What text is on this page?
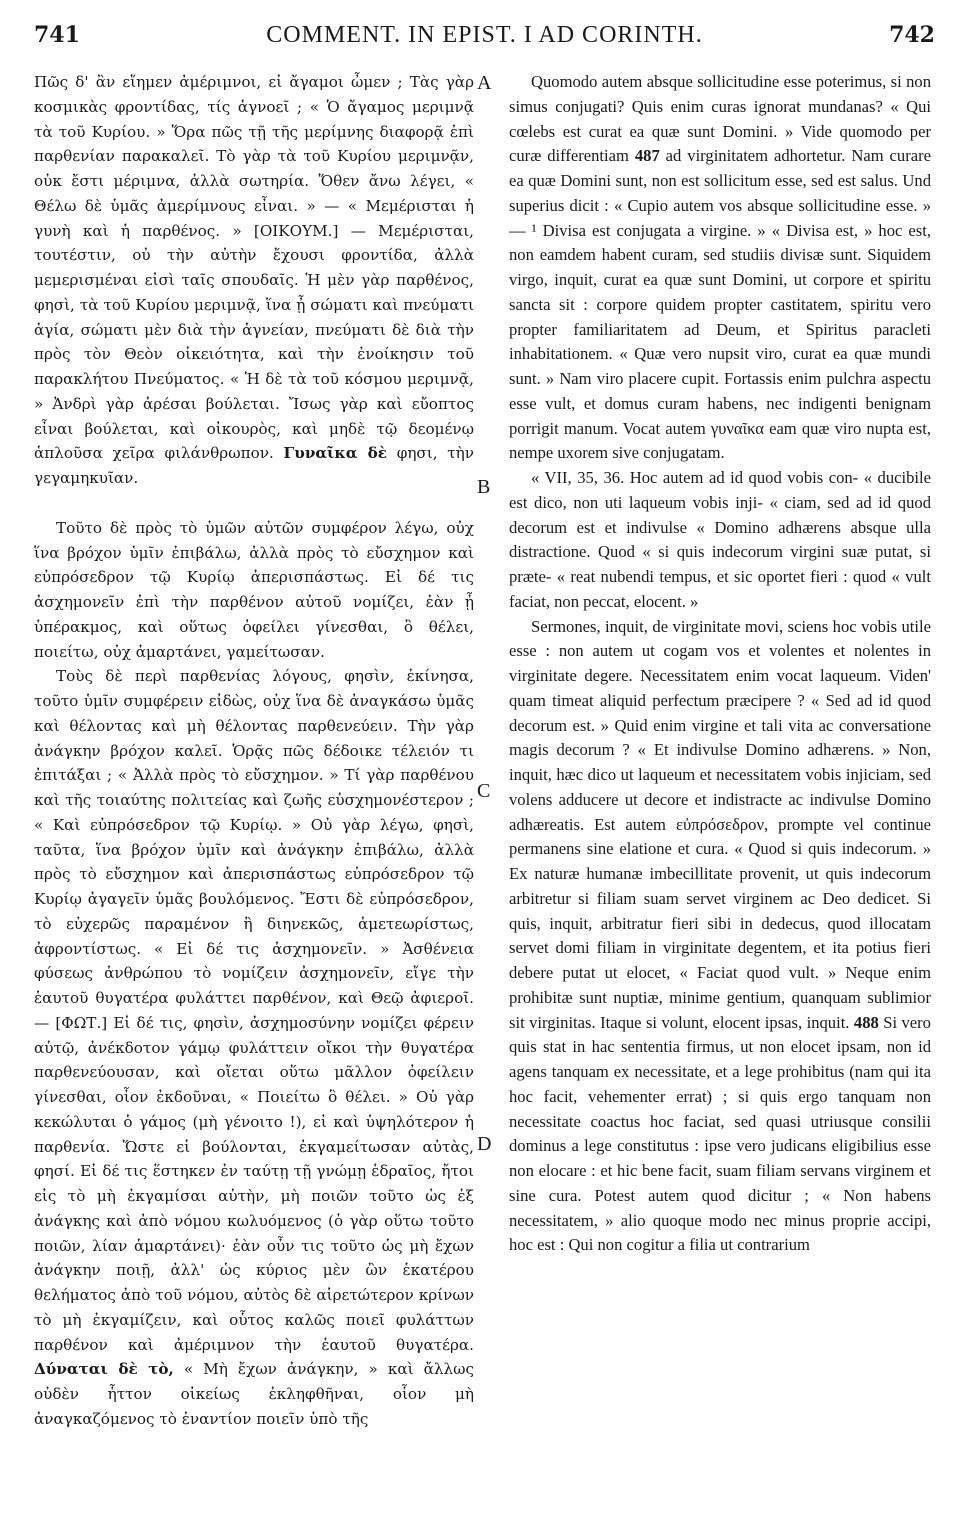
741	COMMENT. IN EPIST. I AD CORINTH.	742
A
B
C
D

Πῶς δ' ἂν εἴημεν ἀμέριμνοι, εἰ ἄγαμοι ὦμεν ; Τὰς γὰρ κοσμικὰς φροντίδας, τίς ἀγνοεῖ ; « Ὁ ἄγαμος μεριμνᾷ τὰ τοῦ Κυρίου. » Ὅρα πῶς τῇ τῆς μερίμνης διαφορᾷ ἐπὶ παρθενίαν παρακαλεῖ. Τὸ γὰρ τὰ τοῦ Κυρίου μεριμνᾷν, οὐκ ἔστι μέριμνα, ἀλλὰ σωτηρία. Ὅθεν ἄνω λέγει, « Θέλω δὲ ὑμᾶς ἀμερίμνους εἶναι. » — « Μεμέρισται ἡ γυνὴ καὶ ἡ παρθένος. » [ΟΙΚΟΥΜ.] — Μεμέρισται, τουτέστιν, οὐ τὴν αὐτὴν ἔχουσι φροντίδα, ἀλλὰ μεμερισμέναι εἰσὶ ταῖς σπουδαῖς. Ἡ μὲν γὰρ παρθένος, φησὶ, τὰ τοῦ Κυρίου μεριμνᾷ, ἵνα ᾖ σώματι καὶ πνεύματι ἁγία, σώματι μὲν διὰ τὴν ἁγνείαν, πνεύματι δὲ διὰ τὴν πρὸς τὸν Θεὸν οἰκειότητα, καὶ τὴν ἐνοίκησιν τοῦ παρακλήτου Πνεύματος. « Ἡ δὲ τὰ τοῦ κόσμου μεριμνᾷ, » Ἀνδρὶ γὰρ ἀρέσαι βούλεται. Ἴσως γὰρ καὶ εὔοπτος εἶναι βούλεται, καὶ οἰκουρὸς, καὶ μηδὲ τῷ δεομένῳ ἁπλοῦσα χεῖρα φιλάνθρωπον. Γυναῖκα δὲ φησι, τὴν γεγαμηκυῖαν.

Τοῦτο δὲ πρὸς τὸ ὑμῶν αὐτῶν συμφέρον λέγω, οὐχ ἵνα βρόχον ὑμῖν ἐπιβάλω, ἀλλὰ πρὸς τὸ εὔσχημον καὶ εὐπρόσεδρον τῷ Κυρίῳ ἀπερισπάστως. Εἰ δέ τις ἀσχημονεῖν ἐπὶ τὴν παρθένον αὐτοῦ νομίζει, ἐὰν ᾖ ὑπέρακμος, καὶ οὕτως ὀφείλει γίνεσθαι, ὃ θέλει, ποιείτω, οὐχ ἁμαρτάνει, γαμείτωσαν.

Τοὺς δὲ περὶ παρθενίας λόγους, φησὶν, ἐκίνησα, τοῦτο ὑμῖν συμφέρειν εἰδὼς, οὐχ ἵνα δὲ ἀναγκάσω ὑμᾶς καὶ θέλοντας καὶ μὴ θέλοντας παρθενεύειν. Τὴν γὰρ ἀνάγκην βρόχον καλεῖ. Ὁρᾷς πῶς δέδοικε τέλειόν τι ἐπιτάξαι ; « Ἀλλὰ πρὸς τὸ εὔσχημον. » Τί γὰρ παρθένου καὶ τῆς τοιαύτης πολιτείας καὶ ζωῆς εὐσχημονέστερον ; « Καὶ εὐπρόσεδρον τῷ Κυρίῳ. » Οὐ γὰρ λέγω, φησὶ, ταῦτα, ἵνα βρόχον ὑμῖν καὶ ἀνάγκην ἐπιβάλω, ἀλλὰ πρὸς τὸ εὔσχημον καὶ ἀπερισπάστως εὐπρόσεδρον τῷ Κυρίῳ ἀγαγεῖν ὑμᾶς βουλόμενος. Ἔστι δὲ εὐπρόσεδρον, τὸ εὐχερῶς παραμένον ἢ διηνεκῶς, ἀμετεωρίστως, ἀφροντίστως. « Εἰ δέ τις ἀσχημονεῖν. » Ἀσθένεια φύσεως ἀνθρώπου τὸ νομίζειν ἀσχημονεῖν, εἴγε τὴν ἑαυτοῦ θυγατέρα φυλάττει παρθένον, καὶ Θεῷ ἀφιεροῖ. — [ΦΩΤ.] Εἰ δέ τις, φησὶν, ἀσχημοσύνην νομίζει φέρειν αὐτῷ, ἀνέκδοτον γάμῳ φυλάττειν οἴκοι τὴν θυγατέρα παρθενεύουσαν, καὶ οἴεται οὕτω μᾶλλον ὀφείλειν γίνεσθαι, οἷον ἐκδοῦναι, « Ποιείτω ὃ θέλει. » Οὐ γὰρ κεκώλυται ὁ γάμος (μὴ γένοιτο !), εἰ καὶ ὑψηλότερον ἡ παρθενία. Ὥστε εἰ βούλονται, ἐκγαμείτωσαν αὐτὰς, φησί. Εἰ δέ τις ἕστηκεν ἐν ταύτῃ τῇ γνώμῃ ἑδραῖος, ἤτοι εἰς τὸ μὴ ἐκγαμίσαι αὐτὴν, μὴ ποιῶν τοῦτο ὡς ἐξ ἀνάγκης καὶ ἀπὸ νόμου κωλυόμενος (ὁ γὰρ οὕτω τοῦτο ποιῶν, λίαν ἁμαρτάνει)· ἐὰν οὖν τις τοῦτο ὡς μὴ ἔχων ἀνάγκην ποιῇ, ἀλλ' ὡς κύριος μὲν ὢν ἑκατέρου θελήματος ἀπὸ τοῦ νόμου, αὐτὸς δὲ αἱρετώτερον κρίνων τὸ μὴ ἐκγαμίζειν, καὶ οὗτος καλῶς ποιεῖ φυλάττων παρθένον καὶ ἀμέριμνον τὴν ἑαυτοῦ θυγατέρα. Δύναται δὲ τὸ, « Μὴ ἔχων ἀνάγκην, » καὶ ἄλλως οὐδὲν ἧττον οἰκείως ἐκληφθῆναι, οἷον μὴ ἀναγκαζόμενος τὸ ἐναντίον ποιεῖν ὑπὸ τῆς

Quomodo autem absque sollicitudine esse poterimus, si non simus conjugati? Quis enim curas ignorat mundanas? « Qui cœlebs est curat ea quæ sunt Domini. » Vide quomodo per curæ differentiam 487 ad virginitatem adhortetur. Nam curare ea quæ Domini sunt, non est sollicitum esse, sed est salus. Und superius dicit : « Cupio autem vos absque sollicitudine esse. » — ¹ Divisa est conjugata a virgine. » « Divisa est, » hoc est, non eamdem habent curam, sed studiis divisæ sunt. Siquidem virgo, inquit, curat ea quæ sunt Domini, ut corpore et spiritu sancta sit : corpore quidem propter castitatem, spiritu vero propter familiaritatem ad Deum, et Spiritus paracleti inhabitationem. « Quæ vero nupsit viro, curat ea quæ mundi sunt. » Nam viro placere cupit. Fortassis enim pulchra aspectu esse vult, et domus curam habens, nec indigenti benignam porrigit manum. Vocat autem γυναῖκα eam quæ viro nupta est, nempe uxorem sive conjugatam.

« VII, 35, 36. Hoc autem ad id quod vobis con- « ducibile est dico, non uti laqueum vobis inji- « ciam, sed ad id quod decorum est et indivulse « Domino adhærens absque ulla distractione. Quod « si quis indecorum virgini suæ putat, si præte- « reat nubendi tempus, et sic oportet fieri : quod « vult faciat, non peccat, elocent. »

Sermones, inquit, de virginitate movi, sciens hoc vobis utile esse : non autem ut cogam vos et volentes et nolentes in virginitate degere. Necessitatem enim vocat laqueum. Viden' quam timeat aliquid perfectum præcipere ? « Sed ad id quod decorum est. » Quid enim virgine et tali vita ac conversatione magis decorum ? « Et indivulse Domino adhærens. » Non, inquit, hæc dico ut laqueum et necessitatem vobis injiciam, sed volens adducere ut decore et indistracte ac indivulse Domino adhæreatis. Est autem εὐπρόσεδρον, prompte vel continue permanens sine elatione et cura. « Quod si quis indecorum. » Ex naturæ humanæ imbecillitate provenit, ut quis indecorum arbitretur si filiam suam servet virginem ac Deo dedicet. Si quis, inquit, arbitratur fieri sibi in dedecus, quod illocatam servet domi filiam in virginitate degentem, et ita potius fieri debere putat ut elocet, « Faciat quod vult. » Neque enim prohibitæ sunt nuptiæ, minime gentium, quanquam sublimior sit virginitas. Itaque si volunt, elocent ipsas, inquit. 488 Si vero quis stat in hac sententia firmus, ut non elocet ipsam, non id agens tanquam ex necessitate, et a lege prohibitus (nam qui ita hoc facit, vehementer errat) ; si quis ergo tanquam non necessitate coactus hoc faciat, sed quasi utriusque consilii dominus a lege constitutus : ipse vero judicans eligibilius esse non elocare : et hic bene facit, suam filiam servans virginem et sine cura. Potest autem quod dicitur ; « Non habens necessitatem, » alio quoque modo nec minus proprie accipi, hoc est : Qui non cogitur a filia ut contrarium
